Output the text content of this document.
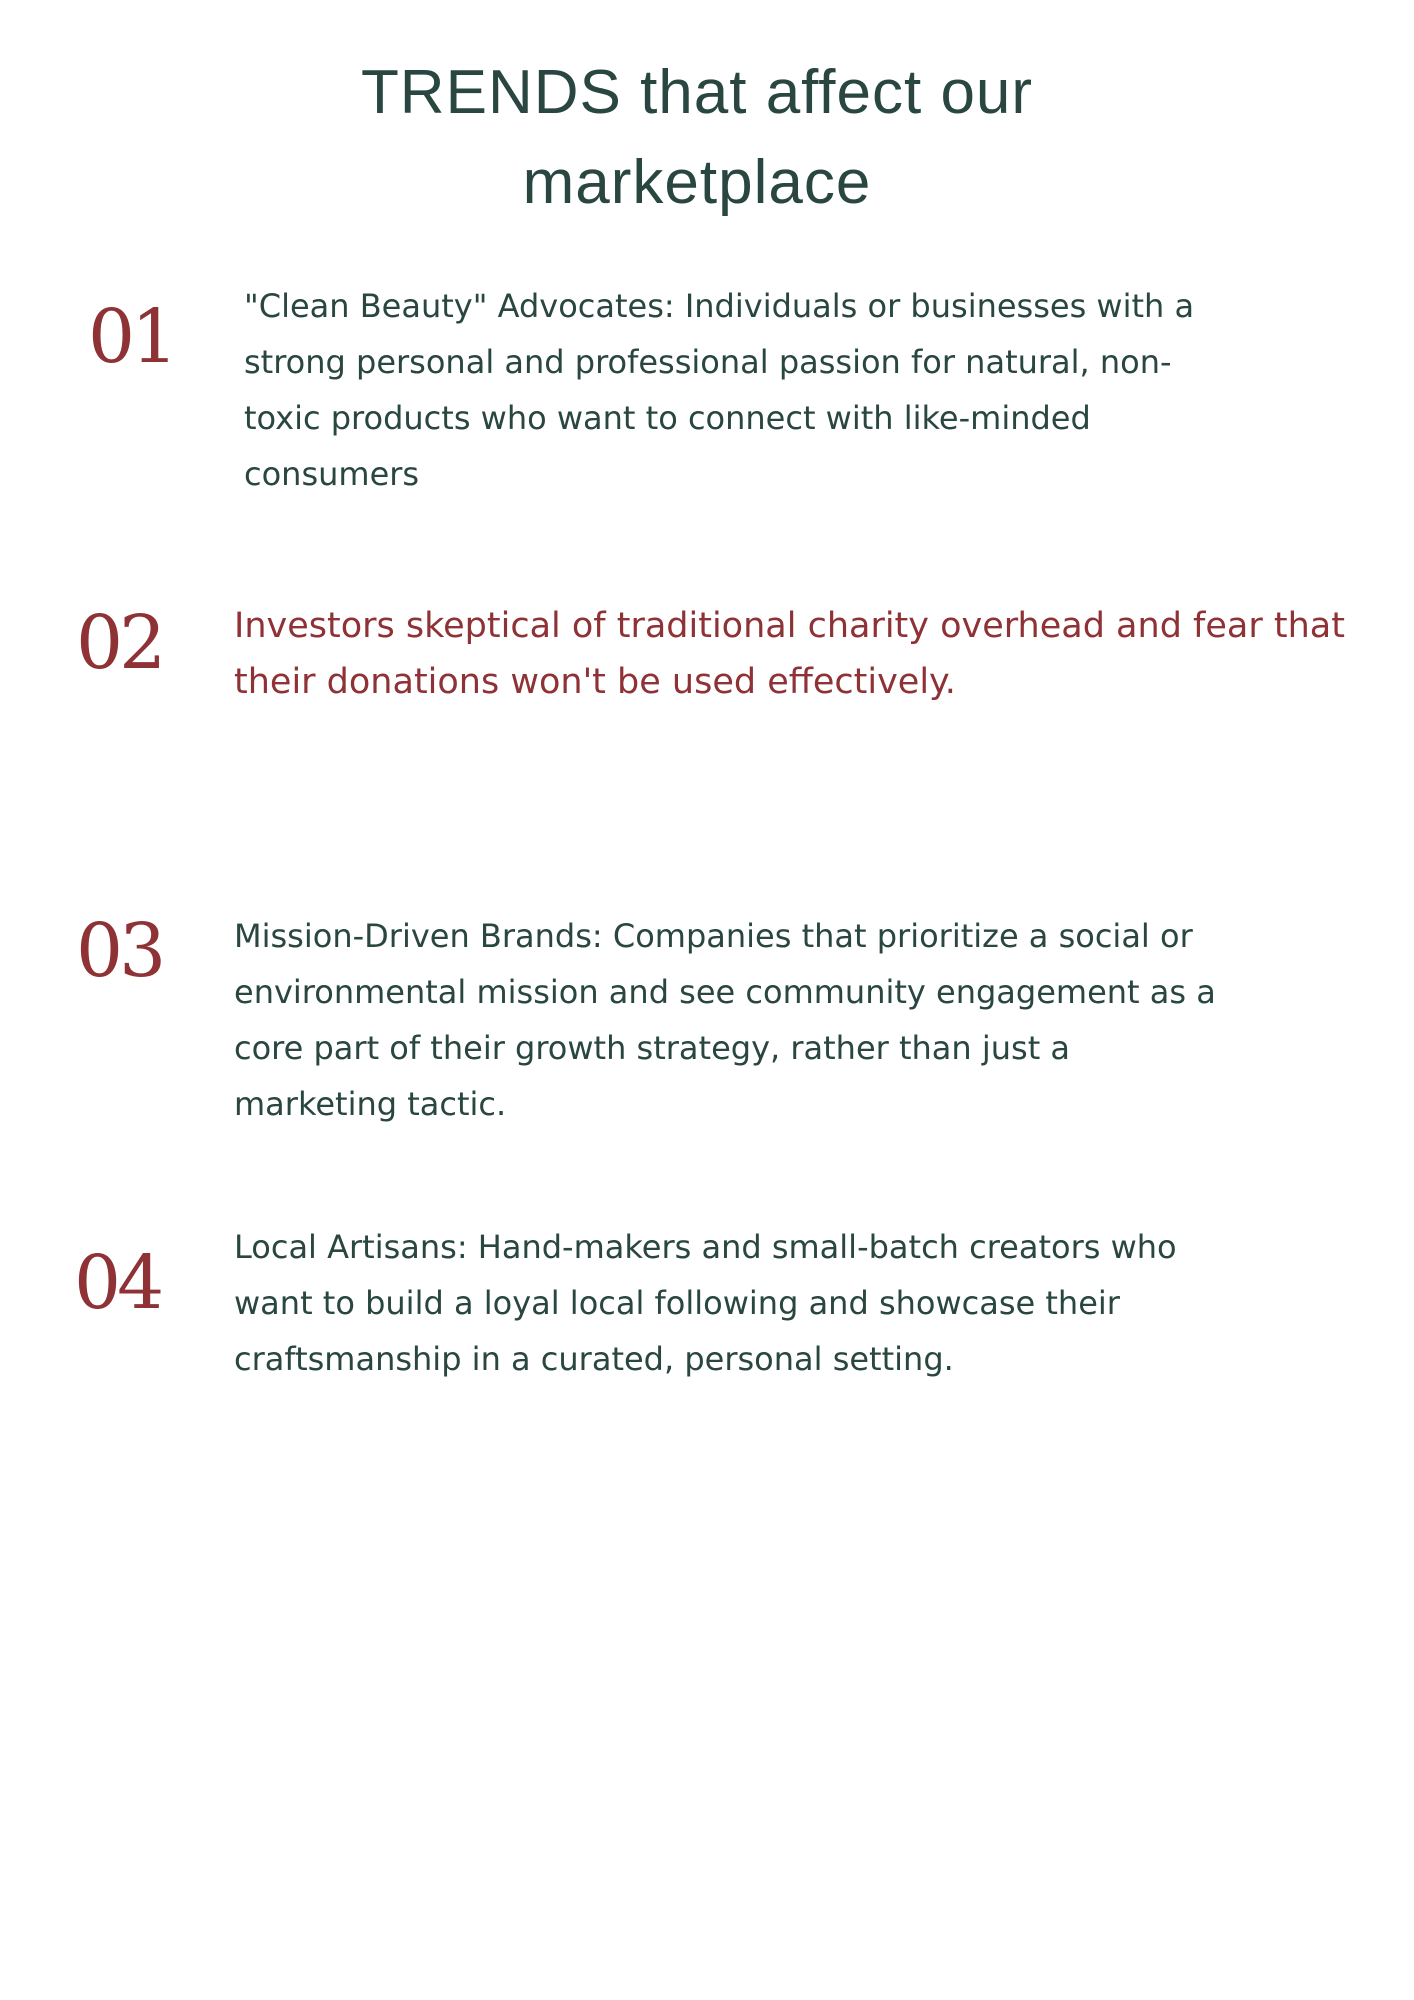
TRENDS that affect our
marketplace
01 "Clean Beauty" Advocates: Individuals or businesses with a strong personal and professional passion for natural, non-toxic products who want to connect with like-minded consumers

02 Investors skeptical of traditional charity overhead and fear that their donations won't be used effectively.

03 Mission-Driven Brands: Companies that prioritize a social or environmental mission and see community engagement as a core part of their growth strategy, rather than just a marketing tactic.

04 Local Artisans: Hand-makers and small-batch creators who want to build a loyal local following and showcase their craftsmanship in a curated, personal setting.
